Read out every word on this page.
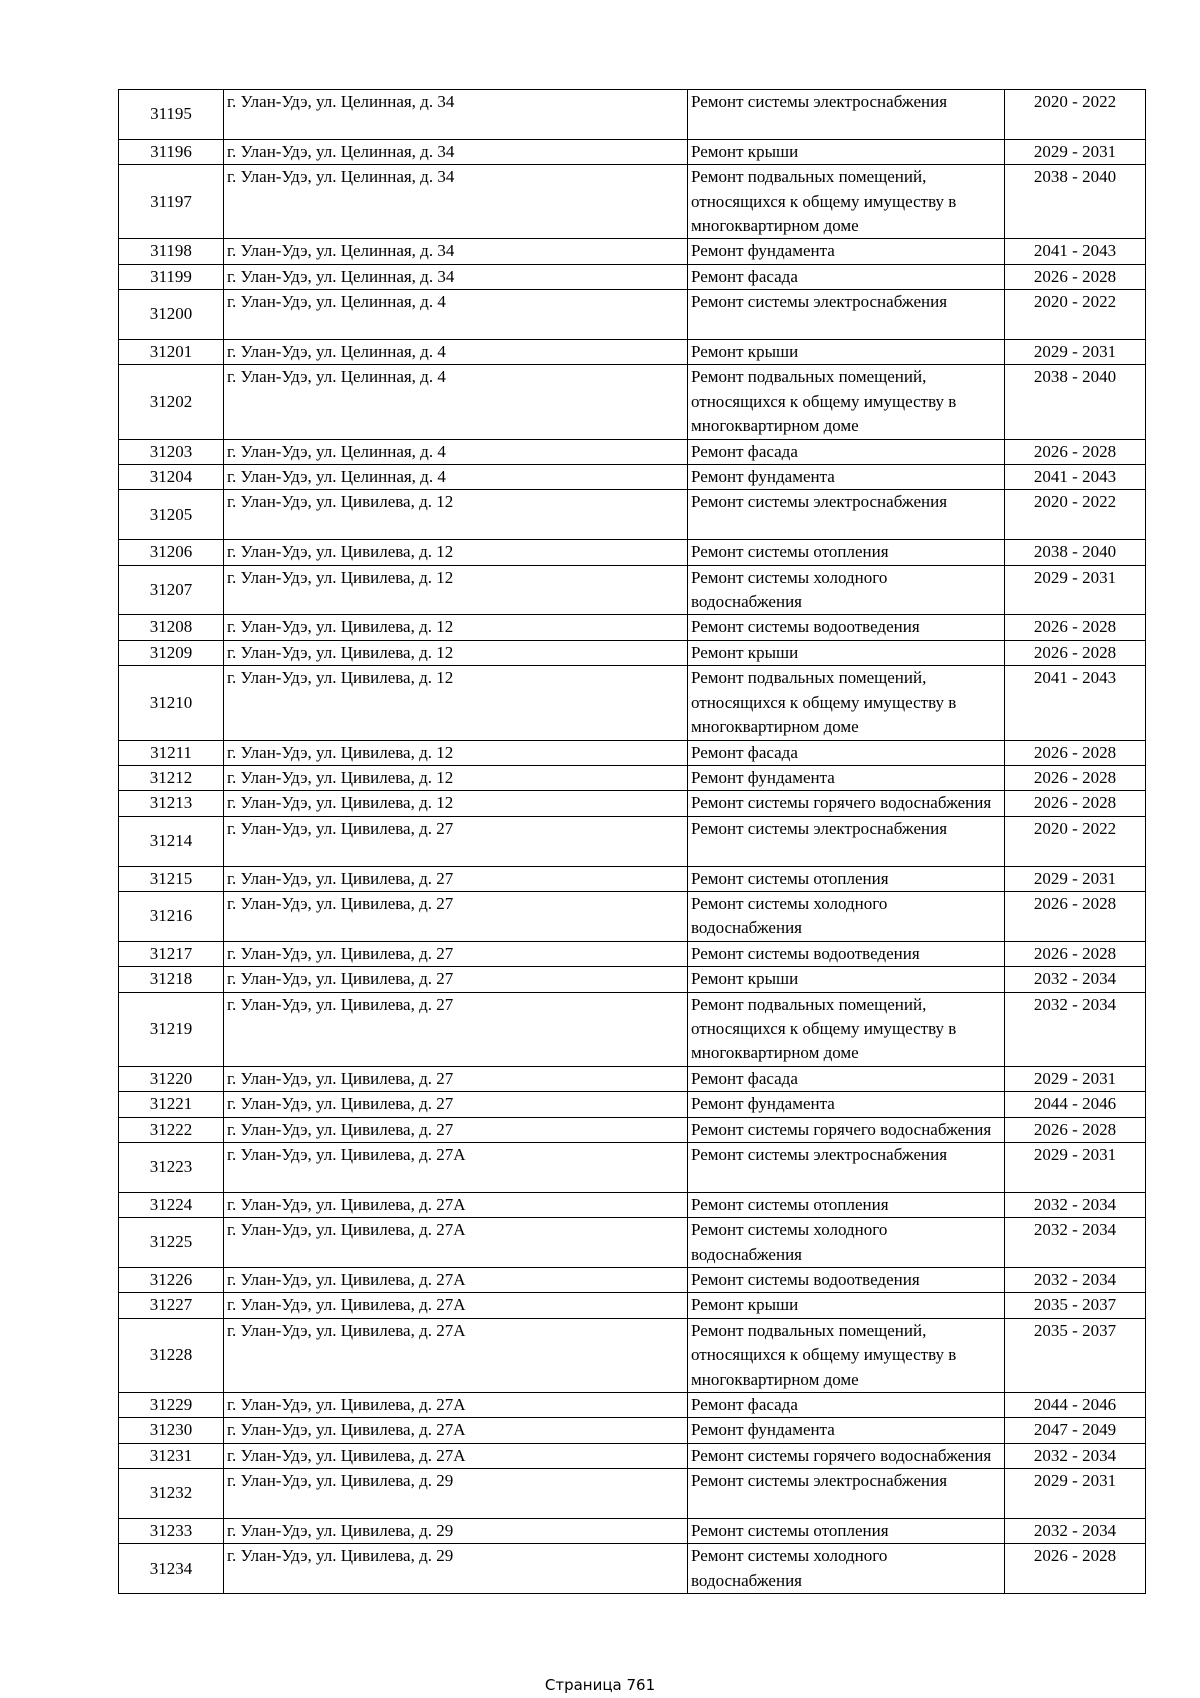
31195	г. Улан-Удэ, ул. Целинная, д. 34	Ремонт системы электроснабжения	2020 - 2022
31196	г. Улан-Удэ, ул. Целинная, д. 34	Ремонт крыши	2029 - 2031
31197	г. Улан-Удэ, ул. Целинная, д. 34	Ремонт подвальных помещений, относящихся к общему имуществу в многоквартирном доме	2038 - 2040
31198	г. Улан-Удэ, ул. Целинная, д. 34	Ремонт фундамента	2041 - 2043
31199	г. Улан-Удэ, ул. Целинная, д. 34	Ремонт фасада	2026 - 2028
31200	г. Улан-Удэ, ул. Целинная, д. 4	Ремонт системы электроснабжения	2020 - 2022
31201	г. Улан-Удэ, ул. Целинная, д. 4	Ремонт крыши	2029 - 2031
31202	г. Улан-Удэ, ул. Целинная, д. 4	Ремонт подвальных помещений, относящихся к общему имуществу в многоквартирном доме	2038 - 2040
31203	г. Улан-Удэ, ул. Целинная, д. 4	Ремонт фасада	2026 - 2028
31204	г. Улан-Удэ, ул. Целинная, д. 4	Ремонт фундамента	2041 - 2043
31205	г. Улан-Удэ, ул. Цивилева, д. 12	Ремонт системы электроснабжения	2020 - 2022
31206	г. Улан-Удэ, ул. Цивилева, д. 12	Ремонт системы отопления	2038 - 2040
31207	г. Улан-Удэ, ул. Цивилева, д. 12	Ремонт системы холодного водоснабжения	2029 - 2031
31208	г. Улан-Удэ, ул. Цивилева, д. 12	Ремонт системы водоотведения	2026 - 2028
31209	г. Улан-Удэ, ул. Цивилева, д. 12	Ремонт крыши	2026 - 2028
31210	г. Улан-Удэ, ул. Цивилева, д. 12	Ремонт подвальных помещений, относящихся к общему имуществу в многоквартирном доме	2041 - 2043
31211	г. Улан-Удэ, ул. Цивилева, д. 12	Ремонт фасада	2026 - 2028
31212	г. Улан-Удэ, ул. Цивилева, д. 12	Ремонт фундамента	2026 - 2028
31213	г. Улан-Удэ, ул. Цивилева, д. 12	Ремонт системы горячего водоснабжения	2026 - 2028
31214	г. Улан-Удэ, ул. Цивилева, д. 27	Ремонт системы электроснабжения	2020 - 2022
31215	г. Улан-Удэ, ул. Цивилева, д. 27	Ремонт системы отопления	2029 - 2031
31216	г. Улан-Удэ, ул. Цивилева, д. 27	Ремонт системы холодного водоснабжения	2026 - 2028
31217	г. Улан-Удэ, ул. Цивилева, д. 27	Ремонт системы водоотведения	2026 - 2028
31218	г. Улан-Удэ, ул. Цивилева, д. 27	Ремонт крыши	2032 - 2034
31219	г. Улан-Удэ, ул. Цивилева, д. 27	Ремонт подвальных помещений, относящихся к общему имуществу в многоквартирном доме	2032 - 2034
31220	г. Улан-Удэ, ул. Цивилева, д. 27	Ремонт фасада	2029 - 2031
31221	г. Улан-Удэ, ул. Цивилева, д. 27	Ремонт фундамента	2044 - 2046
31222	г. Улан-Удэ, ул. Цивилева, д. 27	Ремонт системы горячего водоснабжения	2026 - 2028
31223	г. Улан-Удэ, ул. Цивилева, д. 27А	Ремонт системы электроснабжения	2029 - 2031
31224	г. Улан-Удэ, ул. Цивилева, д. 27А	Ремонт системы отопления	2032 - 2034
31225	г. Улан-Удэ, ул. Цивилева, д. 27А	Ремонт системы холодного водоснабжения	2032 - 2034
31226	г. Улан-Удэ, ул. Цивилева, д. 27А	Ремонт системы водоотведения	2032 - 2034
31227	г. Улан-Удэ, ул. Цивилева, д. 27А	Ремонт крыши	2035 - 2037
31228	г. Улан-Удэ, ул. Цивилева, д. 27А	Ремонт подвальных помещений, относящихся к общему имуществу в многоквартирном доме	2035 - 2037
31229	г. Улан-Удэ, ул. Цивилева, д. 27А	Ремонт фасада	2044 - 2046
31230	г. Улан-Удэ, ул. Цивилева, д. 27А	Ремонт фундамента	2047 - 2049
31231	г. Улан-Удэ, ул. Цивилева, д. 27А	Ремонт системы горячего водоснабжения	2032 - 2034
31232	г. Улан-Удэ, ул. Цивилева, д. 29	Ремонт системы электроснабжения	2029 - 2031
31233	г. Улан-Удэ, ул. Цивилева, д. 29	Ремонт системы отопления	2032 - 2034
31234	г. Улан-Удэ, ул. Цивилева, д. 29	Ремонт системы холодного водоснабжения	2026 - 2028
Страница 761
